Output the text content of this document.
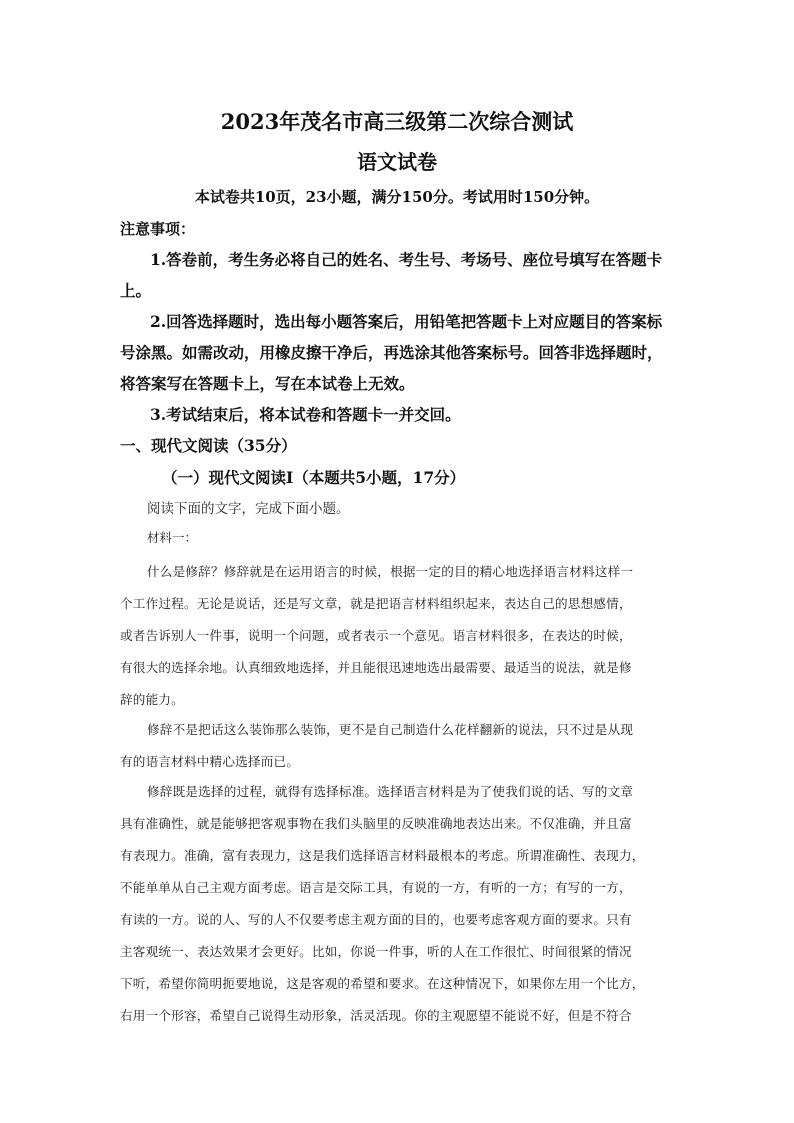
2023年茂名市高三级第二次综合测试
语文试卷
本试卷共10页，23小题，满分150分。考试用时150分钟。
注意事项：
1.答卷前，考生务必将自己的姓名、考生号、考场号、座位号填写在答题卡
上。
2.回答选择题时，选出每小题答案后，用铅笔把答题卡上对应题目的答案标
号涂黑。如需改动，用橡皮擦干净后，再选涂其他答案标号。回答非选择题时，
将答案写在答题卡上，写在本试卷上无效。
3.考试结束后，将本试卷和答题卡一并交回。
一、现代文阅读（35分）
（一）现代文阅读Ⅰ（本题共5小题，17分）
阅读下面的文字，完成下面小题。
材料一：
什么是修辞？修辞就是在运用语言的时候，根据一定的目的精心地选择语言材料这样一
个工作过程。无论是说话，还是写文章，就是把语言材料组织起来，表达自己的思想感情，
或者告诉别人一件事，说明一个问题，或者表示一个意见。语言材料很多，在表达的时候，
有很大的选择余地。认真细致地选择，并且能很迅速地选出最需要、最适当的说法，就是修
辞的能力。
修辞不是把话这么装饰那么装饰，更不是自己制造什么花样翻新的说法，只不过是从现
有的语言材料中精心选择而已。
修辞既是选择的过程，就得有选择标准。选择语言材料是为了使我们说的话、写的文章
具有准确性，就是能够把客观事物在我们头脑里的反映准确地表达出来。不仅准确，并且富
有表现力。准确，富有表现力，这是我们选择语言材料最根本的考虑。所谓准确性、表现力，
不能单单从自己主观方面考虑。语言是交际工具，有说的一方，有听的一方；有写的一方，
有读的一方。说的人、写的人不仅要考虑主观方面的目的，也要考虑客观方面的要求。只有
主客观统一、表达效果才会更好。比如，你说一件事，听的人在工作很忙、时间很紧的情况
下听，希望你简明扼要地说，这是客观的希望和要求。在这种情况下，如果你左用一个比方，
右用一个形容，希望自己说得生动形象，活灵活现。你的主观愿望不能说不好，但是不符合
